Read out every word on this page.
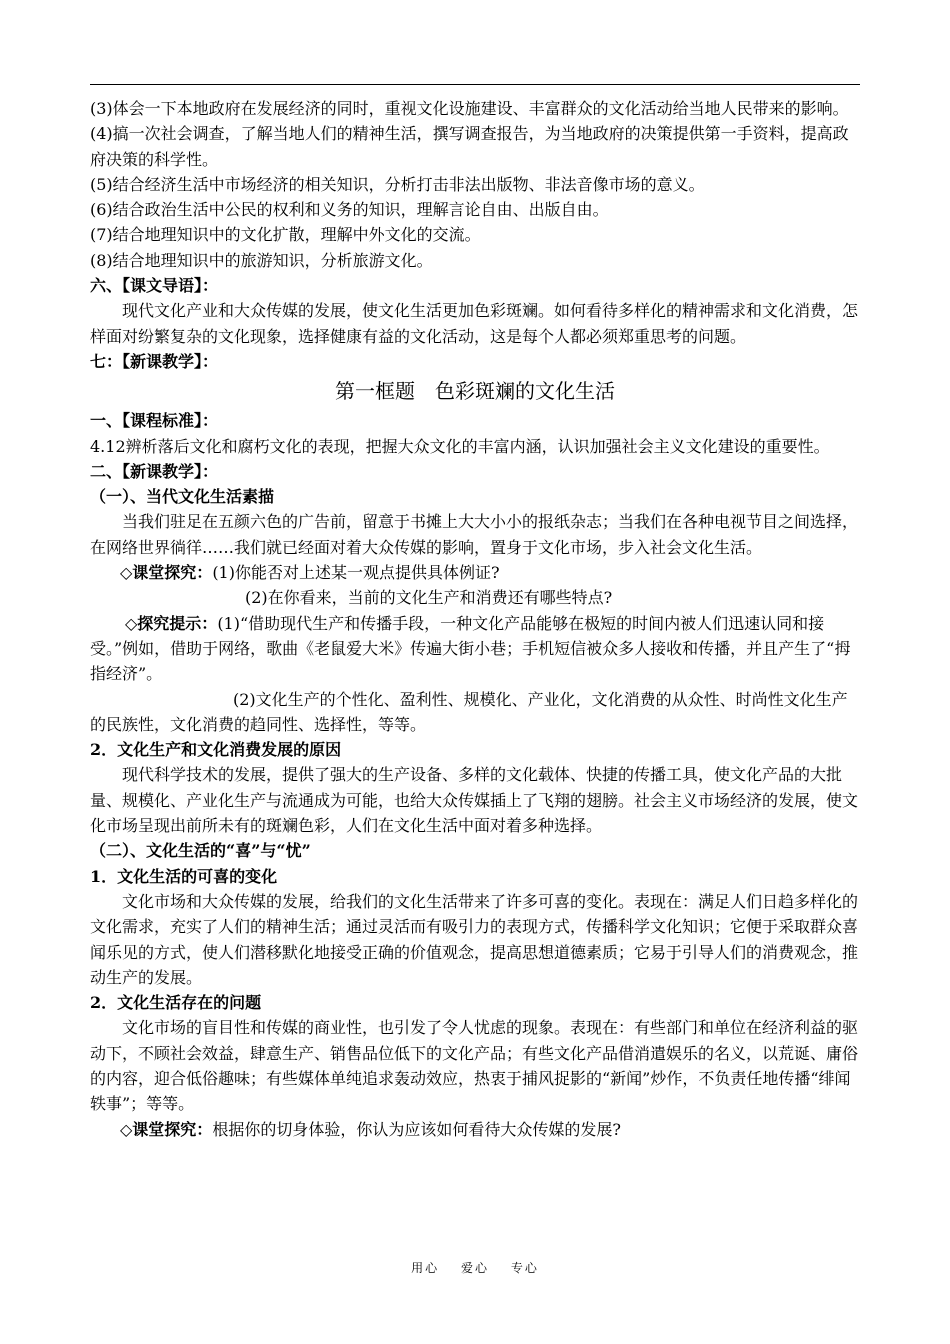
(3)体会一下本地政府在发展经济的同时，重视文化设施建设、丰富群众的文化活动给当地人民带来的影响。

(4)搞一次社会调查，了解当地人们的精神生活，撰写调查报告，为当地政府的决策提供第一手资料，提高政府决策的科学性。

(5)结合经济生活中市场经济的相关知识，分析打击非法出版物、非法音像市场的意义。

(6)结合政治生活中公民的权利和义务的知识，理解言论自由、出版自由。

(7)结合地理知识中的文化扩散，理解中外文化的交流。

(8)结合地理知识中的旅游知识，分析旅游文化。

六、【课文导语】：

现代文化产业和大众传媒的发展，使文化生活更加色彩斑斓。如何看待多样化的精神需求和文化消费，怎样面对纷繁复杂的文化现象，选择健康有益的文化活动，这是每个人都必须郑重思考的问题。

七：【新课教学】：

第一框题　色彩斑斓的文化生活

一、【课程标准】：

4.12辨析落后文化和腐朽文化的表现，把握大众文化的丰富内涵，认识加强社会主义文化建设的重要性。

二、【新课教学】：

（一）、当代文化生活素描

当我们驻足在五颜六色的广告前，留意于书摊上大大小小的报纸杂志；当我们在各种电视节目之间选择，在网络世界徜徉……我们就已经面对着大众传媒的影响，置身于文化市场，步入社会文化生活。

◇课堂探究：(1)你能否对上述某一观点提供具体例证?

(2)在你看来，当前的文化生产和消费还有哪些特点?

◇探究提示：(1)“借助现代生产和传播手段，一种文化产品能够在极短的时间内被人们迅速认同和接受。”例如，借助于网络，歌曲《老鼠爱大米》传遍大街小巷；手机短信被众多人接收和传播，并且产生了“拇指经济”。

(2)文化生产的个性化、盈利性、规模化、产业化，文化消费的从众性、时尚性文化生产的民族性，文化消费的趋同性、选择性，等等。

2．文化生产和文化消费发展的原因

现代科学技术的发展，提供了强大的生产设备、多样的文化载体、快捷的传播工具，使文化产品的大批量、规模化、产业化生产与流通成为可能，也给大众传媒插上了飞翔的翅膀。社会主义市场经济的发展，使文化市场呈现出前所未有的斑斓色彩，人们在文化生活中面对着多种选择。

（二）、文化生活的“喜”与“忧”

1．文化生活的可喜的变化

文化市场和大众传媒的发展，给我们的文化生活带来了许多可喜的变化。表现在：满足人们日趋多样化的文化需求，充实了人们的精神生活；通过灵活而有吸引力的表现方式，传播科学文化知识；它便于采取群众喜闻乐见的方式，使人们潜移默化地接受正确的价值观念，提高思想道德素质；它易于引导人们的消费观念，推动生产的发展。

2．文化生活存在的问题

文化市场的盲目性和传媒的商业性，也引发了令人忧虑的现象。表现在：有些部门和单位在经济利益的驱动下，不顾社会效益，肆意生产、销售品位低下的文化产品；有些文化产品借消遣娱乐的名义，以荒诞、庸俗的内容，迎合低俗趣味；有些媒体单纯追求轰动效应，热衷于捕风捉影的“新闻”炒作，不负责任地传播“绯闻轶事”；等等。

◇课堂探究：根据你的切身体验，你认为应该如何看待大众传媒的发展?

用心 爱心 专心
